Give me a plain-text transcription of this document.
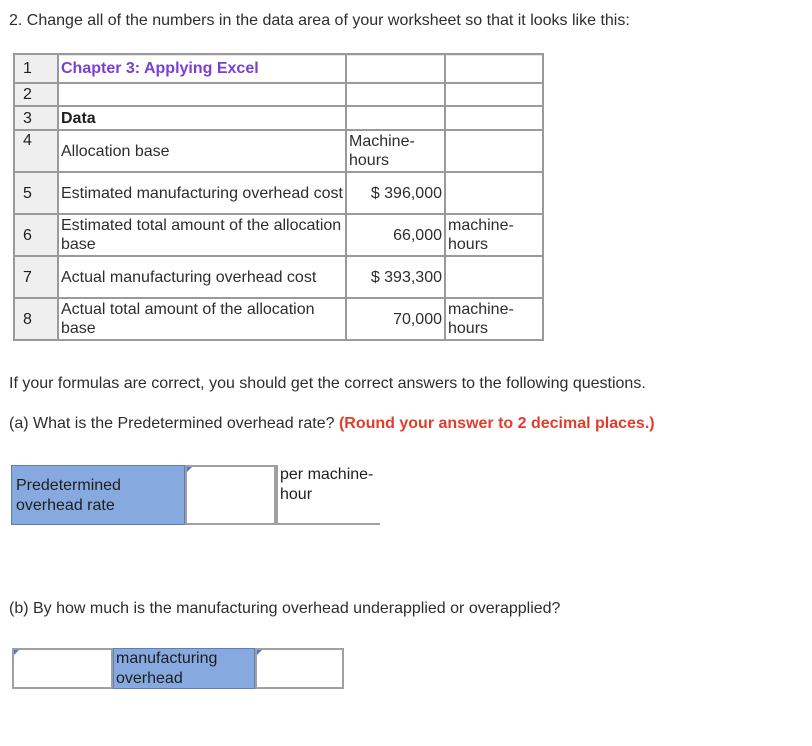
2. Change all of the numbers in the data area of your worksheet so that it looks like this:
1	Chapter 3: Applying Excel		
2			
3	Data		
4	Allocation base	Machine-hours	
5	Estimated manufacturing overhead cost	$ 396,000	
6	Estimated total amount of the allocation base	66,000	machine-hours
7	Actual manufacturing overhead cost	$ 393,300	
8	Actual total amount of the allocation base	70,000	machine-hours
If your formulas are correct, you should get the correct answers to the following questions.
(a) What is the Predetermined overhead rate? (Round your answer to 2 decimal places.)
Predetermined overhead rate
per machine-hour
(b) By how much is the manufacturing overhead underapplied or overapplied?
manufacturing overhead
